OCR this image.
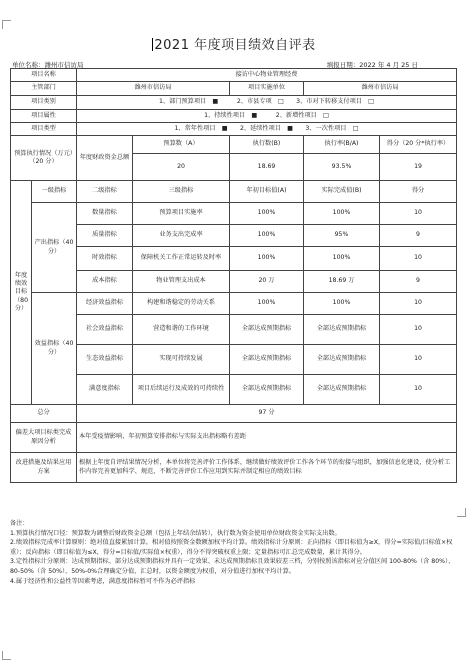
2021 年度项目绩效自评表
单位名称：潍州市信访局	填报日期：2022 年 4 月 25 日
项目名称		接访中心物业管理经费				
主管部门		潍州市信访局		项目实施单位	潍州市信访局	
项目类别		1、部门预算项目　■　　　2、市县专项　□　　3、市对下转移支付项目　□				
项目属性		1、持续性项目　■　　　2、新增性项目　□				
项目类型		1、常年性项目　■　　2、延续性项目　■　　3、一次性项目　□				
预算执行情况（万元）（20 分）		年度财政资金总额	预算数（A）	执行数(B)	执行率(B/A)	得分（20 分*执行率）
			20	18.69	93.5%	19
年度绩效目标（80 分）	一级指标	二级指标	三级指标	年初目标值(A)	实际完成值(B)	得分
	产出指标（40 分）	数量指标	预算项目实施率	100%	100%	10
		质量指标	业务支出完成率	100%	95%	9
		时效指标	保障机关工作正常运转及时率	100%	100%	10
		成本指标	物业管理支出成本	20 万	18.69 万	9
	效益指标（40 分）	经济效益指标	构建和谐稳定的劳动关系	100%	100%	10
		社会效益指标	营造和谐的工作环境	全部达成预期指标	全部达成预期指标	10
		生态效益指标	实现可持续发展	全部达成预期指标	全部达成预期指标	10
		满意度指标	项目后续运行及成效的可持续性	全部达成预期指标	全部达成预期指标	10
总分		97 分				
偏差大项目标类完成原因分析		本年受疫情影响，年初预算安排指标与实际支出指标略有差距				
改进措施及结果应用方案		根据上年度自评结果情况分析，本单位将完善评价工作体系，继续做好绩效评价工作各个环节的衔接与组织，加强信息化建设，使分析工作内容完善更加科学、规范，不断完善评价工作应用到实际并制定相应的绩效目标				

备注：

1.预算执行情况口径：预算数为调整后财政资金总额（包括上年结余结转），执行数为资金使用单位财政资金实际支出数。

2.绩效指标完成率计算原则：绝对值直接累加计算，相对值按照资金数额加权平均计算。绩效指标计分原则：正向指标（即目标值为≥X，得分=实际值/目标值×权重）；反向指标（即目标值为≤X，得分=目标值/实际值×权重），得分不得突破权重上限；定量指标可汇总完成数量，累计其得分。

3.定性指标计分原则：达成预期指标、部分达成预期指标并具有一定效果、未达成预期指标且效果较差三档，分别按照该指标对应分值区间 100-80%（含 80%）、80-50%（含 50%）、50%-0%合理确定分值，汇总时，以资金额度为权重，对分值进行加权平均计算。

4.属于经济性和公益性等因素考虑，满意度指标暂可不作为必评指标
